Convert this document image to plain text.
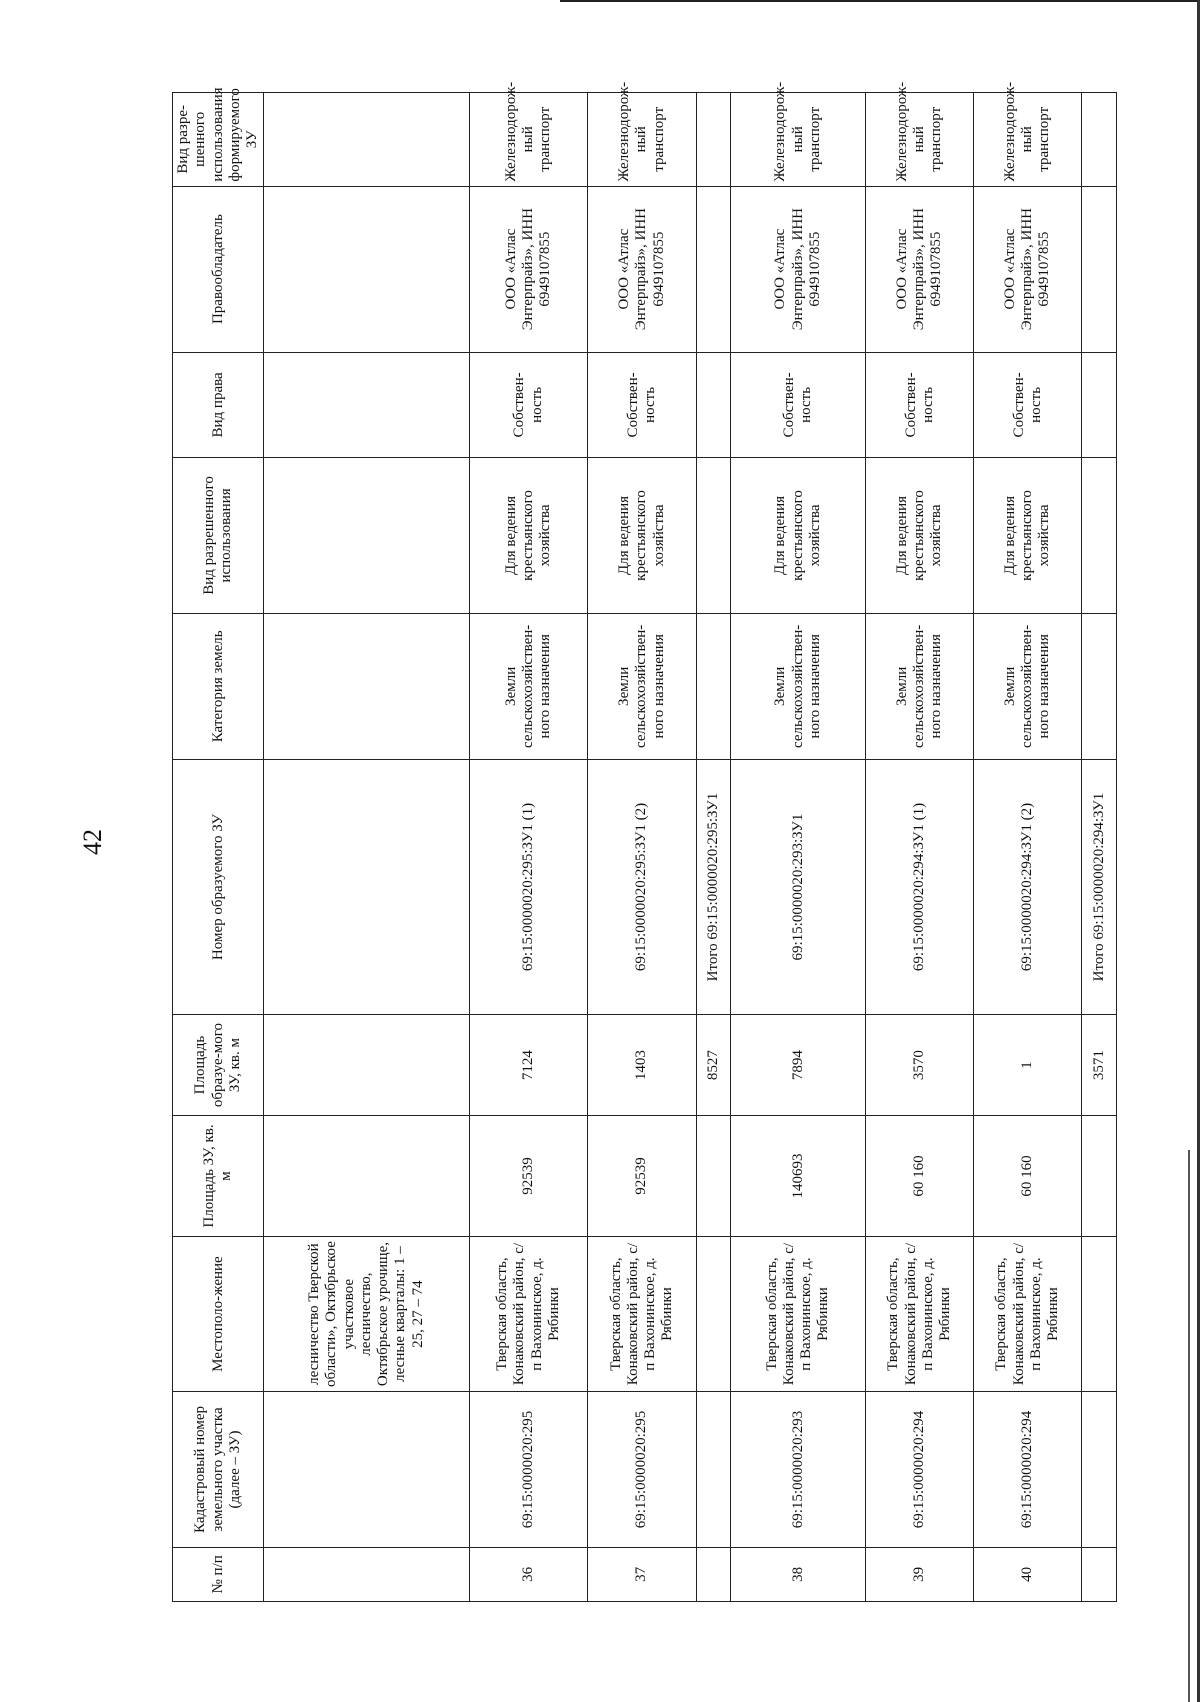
42
№ п/п	Кадастровый номер земельного участка (далее – ЗУ)	Местополо-жение	Площадь ЗУ, кв. м	Площадь образуе-мого ЗУ, кв. м	Номер образуемого ЗУ	Категория земель	Вид разрешенного использования	Вид права	Правообладатель	Вид разре-шенного использования формируемого ЗУ
		лесничество Тверской области», Октябрьское участковое лесничество, Октябрьское урочище, лесные кварталы: 1 – 25, 27 – 74								
36	69:15:0000020:295	Тверская область, Конаковский район, с/п Вахонинское, д. Рябинки	92539	7124	69:15:0000020:295:ЗУ1 (1)	Земли сельскохозяйствен-ного назначения	Для ведения крестьянского хозяйства	Собствен-ность	ООО «Атлас Энтерпрайз», ИНН 6949107855	Железнодорож-ный транспорт
37	69:15:0000020:295	Тверская область, Конаковский район, с/п Вахонинское, д. Рябинки	92539	1403	69:15:0000020:295:ЗУ1 (2)	Земли сельскохозяйствен-ного назначения	Для ведения крестьянского хозяйства	Собствен-ность	ООО «Атлас Энтерпрайз», ИНН 6949107855	Железнодорож-ный транспорт
				8527	Итого 69:15:0000020:295:ЗУ1					
38	69:15:0000020:293	Тверская область, Конаковский район, с/п Вахонинское, д. Рябинки	140693	7894	69:15:0000020:293:ЗУ1	Земли сельскохозяйствен-ного назначения	Для ведения крестьянского хозяйства	Собствен-ность	ООО «Атлас Энтерпрайз», ИНН 6949107855	Железнодорож-ный транспорт
39	69:15:0000020:294	Тверская область, Конаковский район, с/п Вахонинское, д. Рябинки	60 160	3570	69:15:0000020:294:ЗУ1 (1)	Земли сельскохозяйствен-ного назначения	Для ведения крестьянского хозяйства	Собствен-ность	ООО «Атлас Энтерпрайз», ИНН 6949107855	Железнодорож-ный транспорт
40	69:15:0000020:294	Тверская область, Конаковский район, с/п Вахонинское, д. Рябинки	60 160	1	69:15:0000020:294:ЗУ1 (2)	Земли сельскохозяйствен-ного назначения	Для ведения крестьянского хозяйства	Собствен-ность	ООО «Атлас Энтерпрайз», ИНН 6949107855	Железнодорож-ный транспорт
				3571	Итого 69:15:0000020:294:ЗУ1					
